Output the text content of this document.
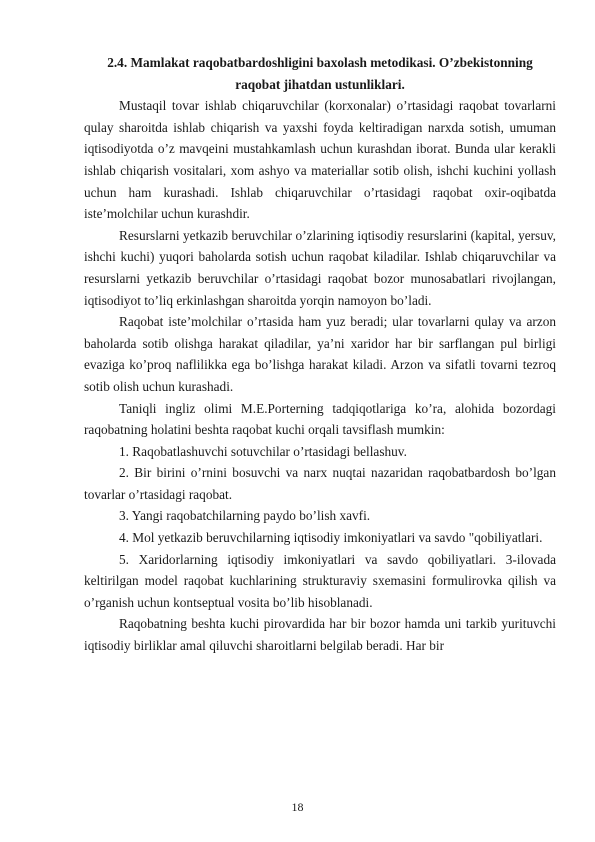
2.4. Mamlakat raqobatbardoshligini baxolash metodikasi. O’zbekistonning
raqobat jihatdan ustunliklari.

Mustaqil tovar ishlab chiqaruvchilar (korxonalar) o’rtasidagi raqobat tovarlarni qulay sharoitda ishlab chiqarish va yaxshi foyda keltiradigan narxda sotish, umuman iqtisodiyotda o’z mavqeini mustahkamlash uchun kurashdan iborat. Bunda ular kerakli ishlab chiqarish vositalari, xom ashyo va materiallar sotib olish, ishchi kuchini yollash uchun ham kurashadi. Ishlab chiqaruvchilar o’rtasidagi raqobat oxir-oqibatda iste’molchilar uchun kurashdir.

Resurslarni yetkazib beruvchilar o’zlarining iqtisodiy resurslarini (kapital, yersuv, ishchi kuchi) yuqori baholarda sotish uchun raqobat kiladilar. Ishlab chiqaruvchilar va resurslarni yetkazib beruvchilar o’rtasidagi raqobat bozor munosabatlari rivojlangan, iqtisodiyot to’liq erkinlashgan sharoitda yorqin namoyon bo’ladi.

Raqobat iste’molchilar o’rtasida ham yuz beradi; ular tovarlarni qulay va arzon baholarda sotib olishga harakat qiladilar, ya’ni xaridor har bir sarflangan pul birligi evaziga ko’proq naflilikka ega bo’lishga harakat kiladi. Arzon va sifatli tovarni tezroq sotib olish uchun kurashadi.

Taniqli ingliz olimi M.E.Porterning tadqiqotlariga ko’ra, alohida bozordagi raqobatning holatini beshta raqobat kuchi orqali tavsiflash mumkin:

1. Raqobatlashuvchi sotuvchilar o’rtasidagi bellashuv.

2. Bir birini o’rnini bosuvchi va narx nuqtai nazaridan raqobatbardosh bo’lgan tovarlar o’rtasidagi raqobat.

3. Yangi raqobatchilarning paydo bo’lish xavfi.

4. Mol yetkazib beruvchilarning iqtisodiy imkoniyatlari va savdo "qobiliyatlari.

5. Xaridorlarning iqtisodiy imkoniyatlari va savdo qobiliyatlari. 3-ilovada keltirilgan model raqobat kuchlarining strukturaviy sxemasini formulirovka qilish va o’rganish uchun kontseptual vosita bo’lib hisoblanadi.

Raqobatning beshta kuchi pirovardida har bir bozor hamda uni tarkib yurituvchi iqtisodiy birliklar amal qiluvchi sharoitlarni belgilab beradi. Har bir

18
